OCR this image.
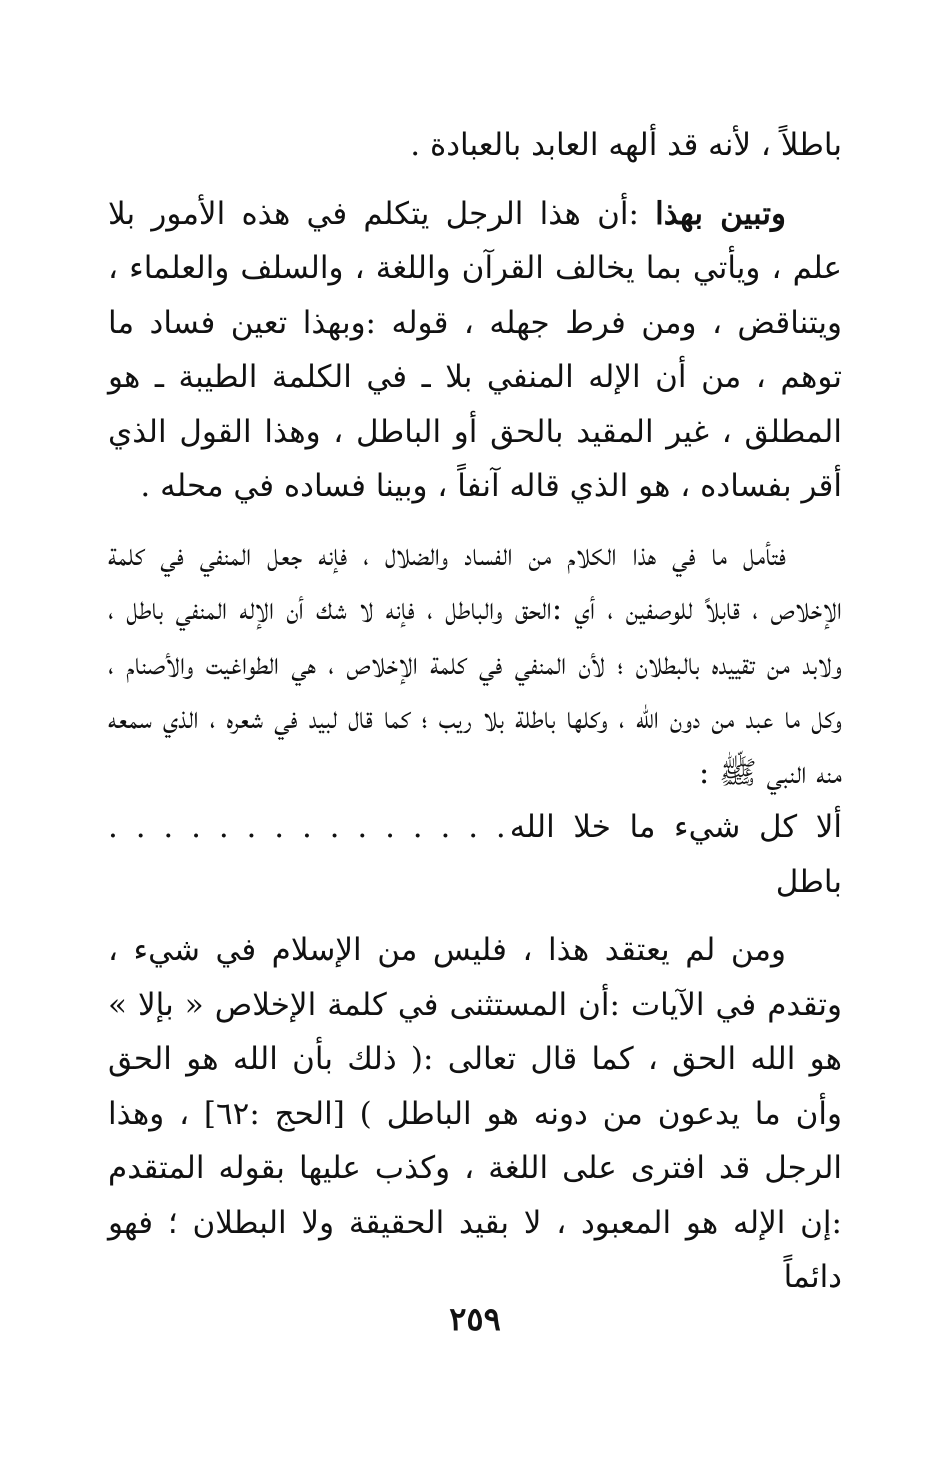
باطلاً ، لأنه قد ألهه العابد بالعبادة .

وتبين بهذا :أن هذا الرجل يتكلم في هذه الأمور بلا علم ، ويأتي بما يخالف القرآن واللغة ، والسلف والعلماء ، ويتناقض ، ومن فرط جهله ، قوله :وبهذا تعين فساد ما توهم ، من أن الإله المنفي بلا ـ في الكلمة الطيبة ـ هو المطلق ، غير المقيد بالحق أو الباطل ، وهذا القول الذي أقر بفساده ، هو الذي قاله آنفاً ، وبينا فساده في محله .

فتأمل ما في هذا الكلام من الفساد والضلال ، فإنه جعل المنفي في كلمة الإخلاص ، قابلاً للوصفين ، أي :الحق والباطل ، فإنه لا شك أن الإله المنفي باطل ، ولابد من تقييده بالبطلان ؛ لأن المنفي في كلمة الإخلاص ، هي الطواغيت والأصنام ، وكل ما عبد من دون الله ، وكلها باطلة بلا ريب ؛ كما قال لبيد في شعره ، الذي سمعه منه النبي ﷺ :

ألا كل شيء ما خلا الله باطل
. . . . . . . . . . . . . . .

ومن لم يعتقد هذا ، فليس من الإسلام في شيء ، وتقدم في الآيات :أن المستثنى في كلمة الإخلاص « بإلا » هو الله الحق ، كما قال تعالى :( ذلك بأن الله هو الحق وأن ما يدعون من دونه هو الباطل ) [الحج :٦٢] ، وهذا الرجل قد افترى على اللغة ، وكذب عليها بقوله المتقدم :إن الإله هو المعبود ، لا بقيد الحقيقة ولا البطلان ؛ فهو دائماً

٢٥٩
